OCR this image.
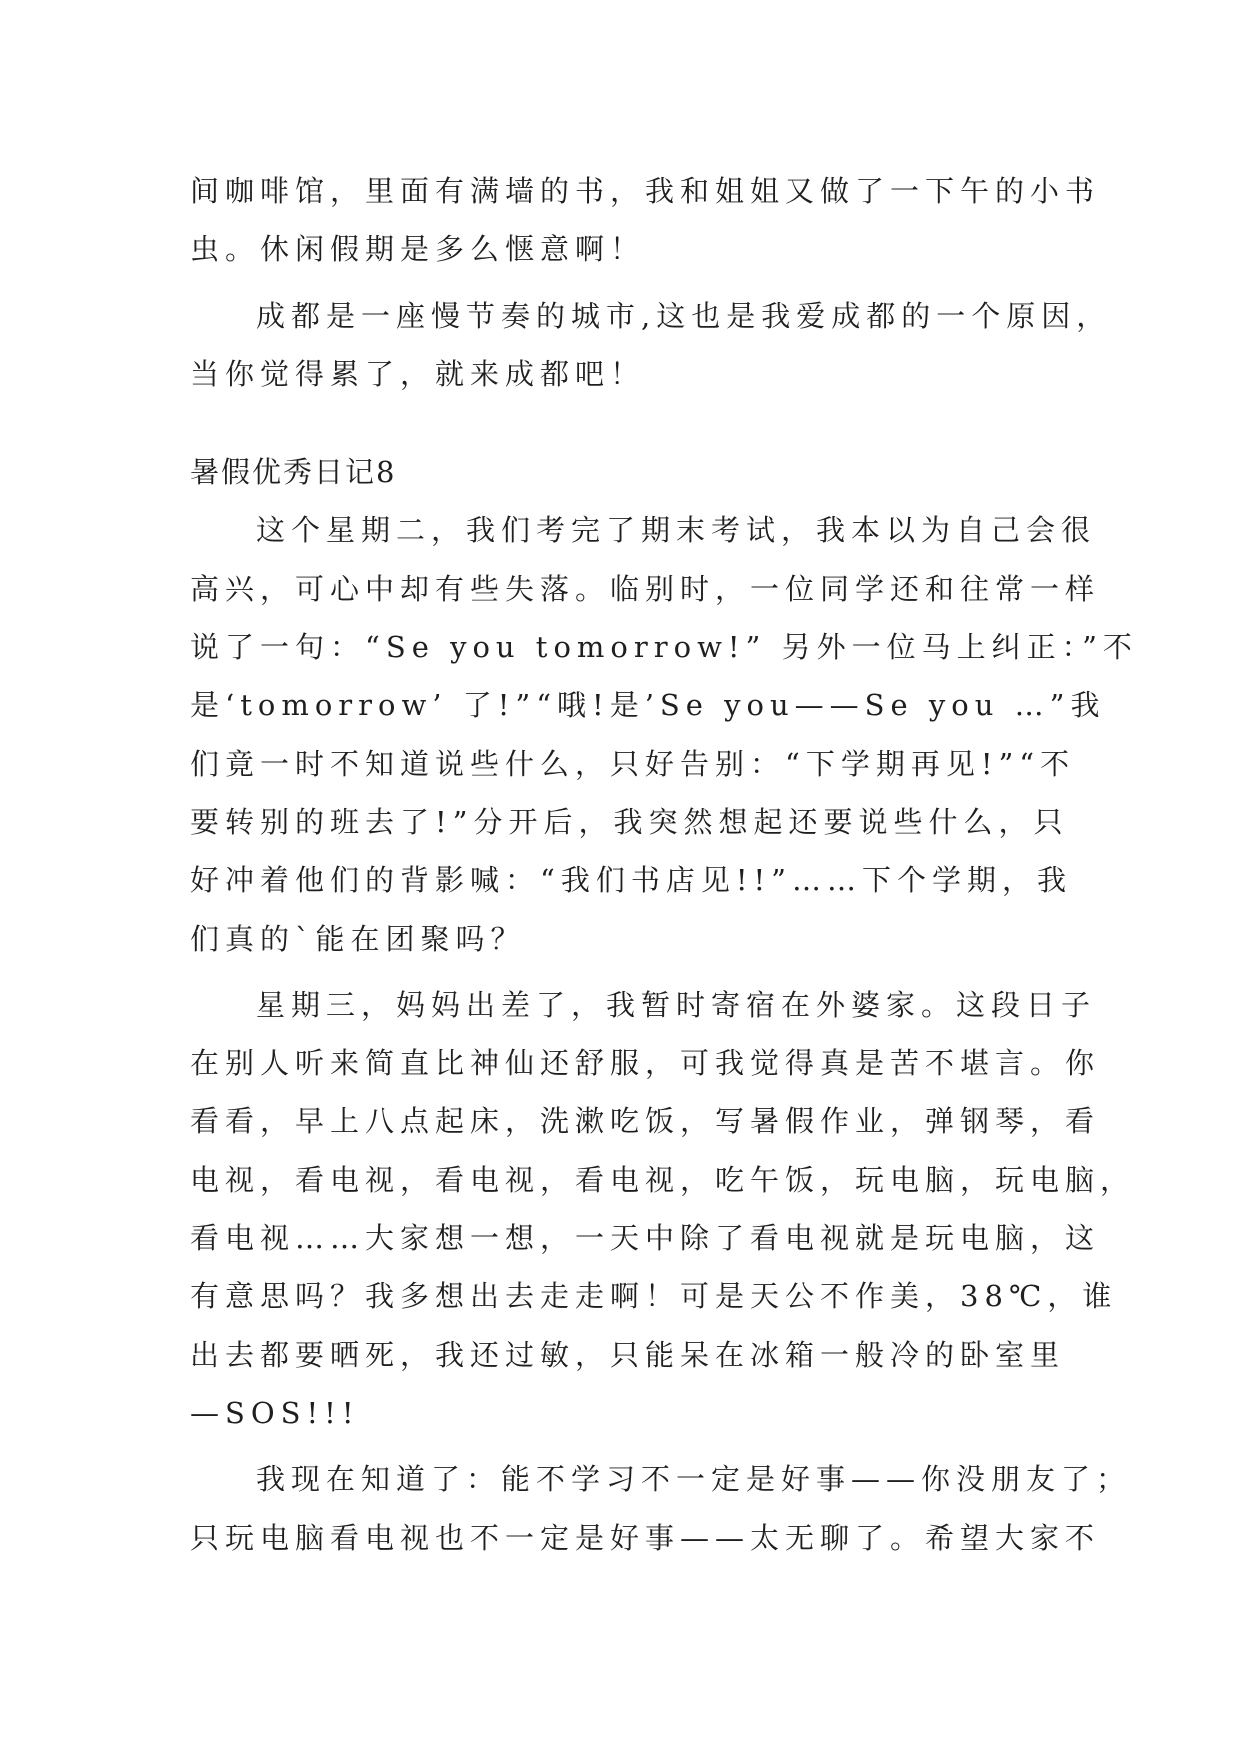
间咖啡馆，里面有满墙的书，我和姐姐又做了一下午的小书

虫。休闲假期是多么惬意啊！

成都是一座慢节奏的城市,这也是我爱成都的一个原因，

当你觉得累了，就来成都吧！

暑假优秀日记8

这个星期二，我们考完了期末考试，我本以为自己会很

高兴，可心中却有些失落。临别时，一位同学还和往常一样

说了一句：“Se you tomorrow!” 另外一位马上纠正：”不

是‘tomorrow’ 了!”“哦!是’Se you——Se you …”我

们竟一时不知道说些什么，只好告别：“下学期再见!”“不

要转别的班去了!”分开后，我突然想起还要说些什么，只

好冲着他们的背影喊：“我们书店见!!”……下个学期，我

们真的`能在团聚吗？

星期三，妈妈出差了，我暂时寄宿在外婆家。这段日子

在别人听来简直比神仙还舒服，可我觉得真是苦不堪言。你

看看，早上八点起床，洗漱吃饭，写暑假作业，弹钢琴，看

电视，看电视，看电视，看电视，吃午饭，玩电脑，玩电脑，

看电视……大家想一想，一天中除了看电视就是玩电脑，这

有意思吗？我多想出去走走啊！可是天公不作美，38℃，谁

出去都要晒死，我还过敏，只能呆在冰箱一般冷的卧室里

—SOS!!!

我现在知道了：能不学习不一定是好事——你没朋友了；

只玩电脑看电视也不一定是好事——太无聊了。希望大家不
